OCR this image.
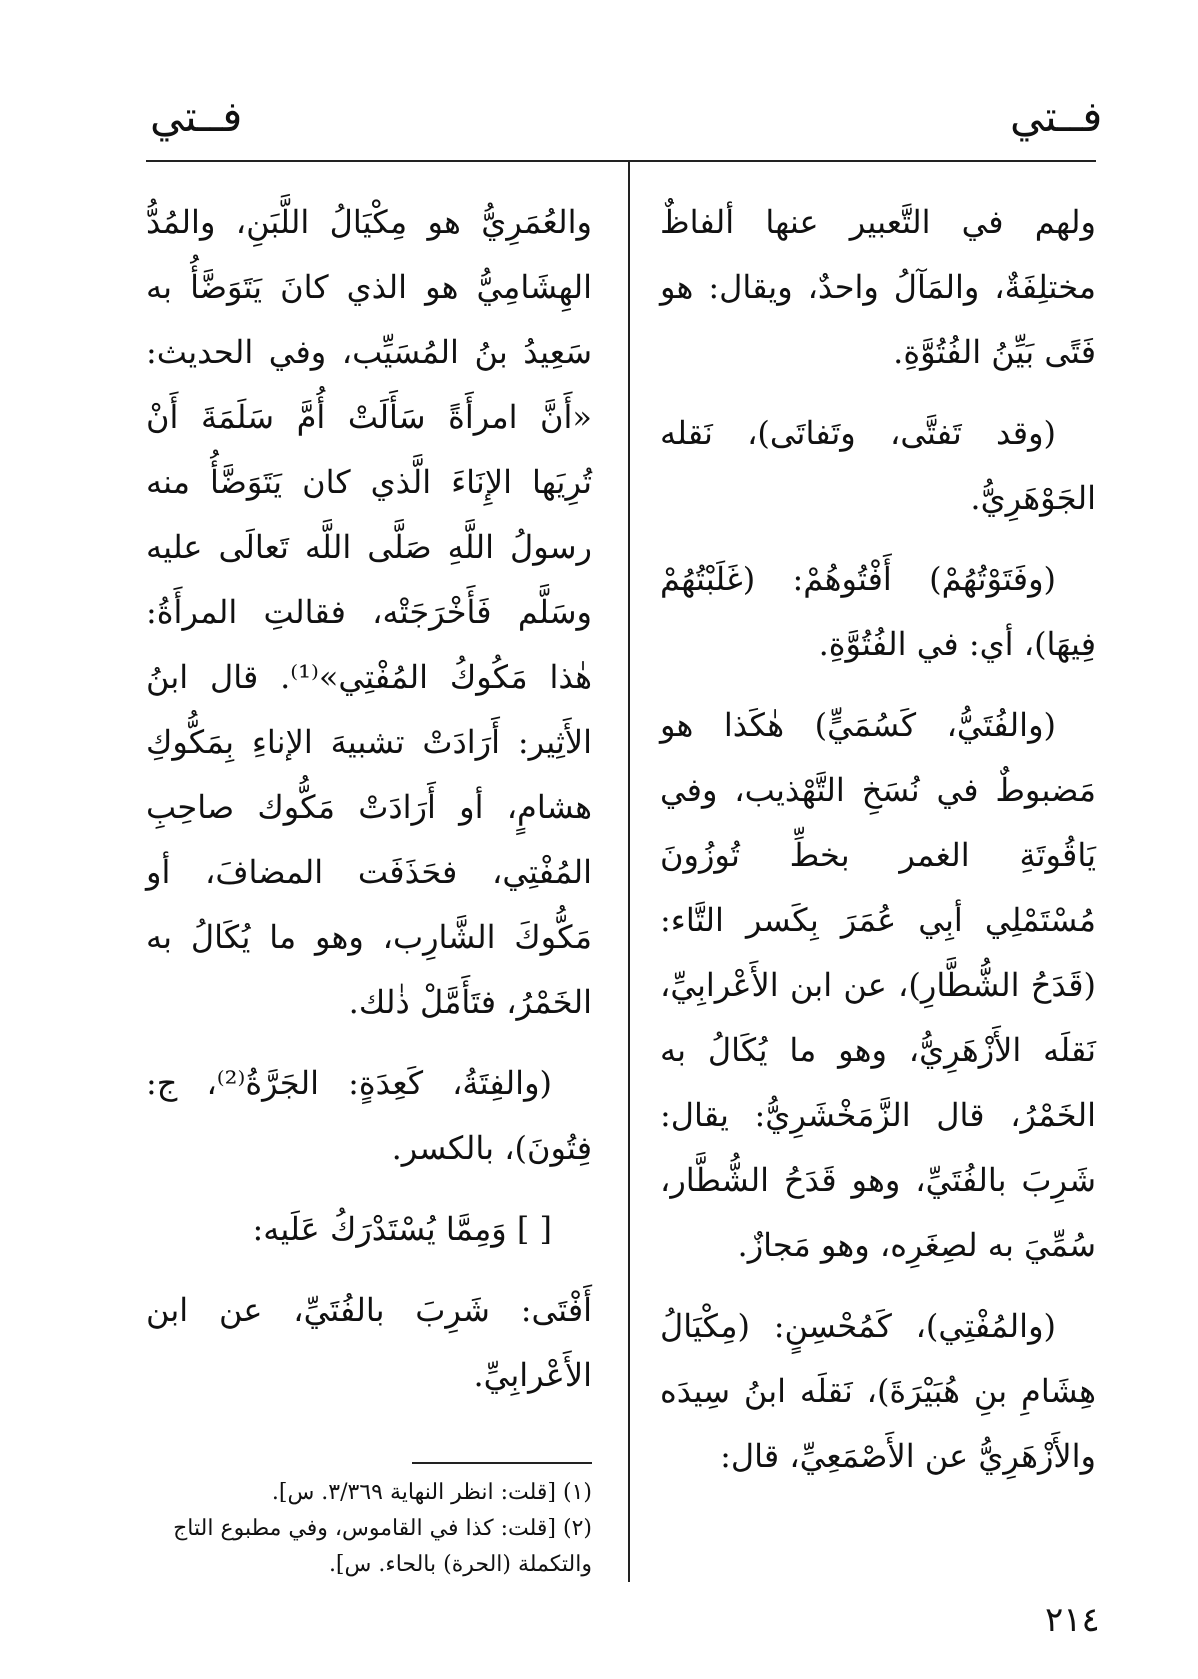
فــتي	فــتي

ولهم في التَّعبير عنها ألفاظٌ مختلِفَةٌ، والمَآلُ واحدٌ، ويقال: هو فَتًى بَيِّنُ الفُتُوَّةِ.

(وقد تَفتَّى، وتَفاتَى)، نَقله الجَوْهَرِيُّ.

(وفَتَوْتُهُمْ) أَفْتُوهُمْ: (غَلَبْتُهُمْ فِيهَا)، أي: في الفُتُوَّةِ.

(والفُتَيُّ، كَسُمَيٍّ) هٰكَذا هو مَضبوطٌ في نُسَخِ التَّهْذيب، وفي يَاقُوتَةِ الغمر بخطِّ تُوزُونَ مُسْتَمْلِي أبِي عُمَرَ بِكَسر التَّاء: (قَدَحُ الشُّطَّارِ)، عن ابن الأَعْرابِيِّ، نَقلَه الأَزْهَرِيُّ، وهو ما يُكَالُ به الخَمْرُ، قال الزَّمَخْشَرِيُّ: يقال: شَرِبَ بالفُتَيِّ، وهو قَدَحُ الشُّطَّار، سُمِّيَ به لصِغَرِه، وهو مَجازٌ.

(والمُفْتِي)، كَمُحْسِنٍ: (مِكْيَالُ هِشَامِ بنِ هُبَيْرَةَ)، نَقلَه ابنُ سِيدَه والأَزْهَرِيُّ عن الأَصْمَعِيِّ، قال:

والعُمَرِيُّ هو مِكْيَالُ اللَّبَنِ، والمُدُّ الهِشَامِيُّ هو الذي كانَ يَتَوَضَّأُ به سَعِيدُ بنُ المُسَيِّب، وفي الحديث: «أَنَّ امرأَةً سَأَلَتْ أُمَّ سَلَمَةَ أَنْ تُرِيَها الإِنَاءَ الَّذي كان يَتَوَضَّأُ منه رسولُ اللَّهِ صَلَّى اللَّه تَعالَى عليه وسَلَّم فَأَخْرَجَتْه، فقالتِ المرأَةُ: هٰذا مَكُوكُ المُفْتِي»⁽¹⁾. قال ابنُ الأَثِير: أَرَادَتْ تشبيهَ الإناءِ بِمَكُّوكِ هشامٍ، أو أَرَادَتْ مَكُّوك صاحِبِ المُفْتِي، فحَذَفَت المضافَ، أو مَكُّوكَ الشَّارِب، وهو ما يُكَالُ به الخَمْرُ، فتَأَمَّلْ ذٰلك.

(والفِتَةُ، كَعِدَةٍ: الجَرَّةُ⁽²⁾، ج: فِتُونَ)، بالكسر.

[ ] وَمِمَّا يُسْتَدْرَكُ عَلَيه:

أَفْتَى: شَرِبَ بالفُتَيِّ، عن ابن الأَعْرابِيِّ.

(١) [قلت: انظر النهاية ٣/٣٦٩. س].

(٢) [قلت: كذا في القاموس، وفي مطبوع التاج والتكملة (الحرة) بالحاء. س].

٢١٤
